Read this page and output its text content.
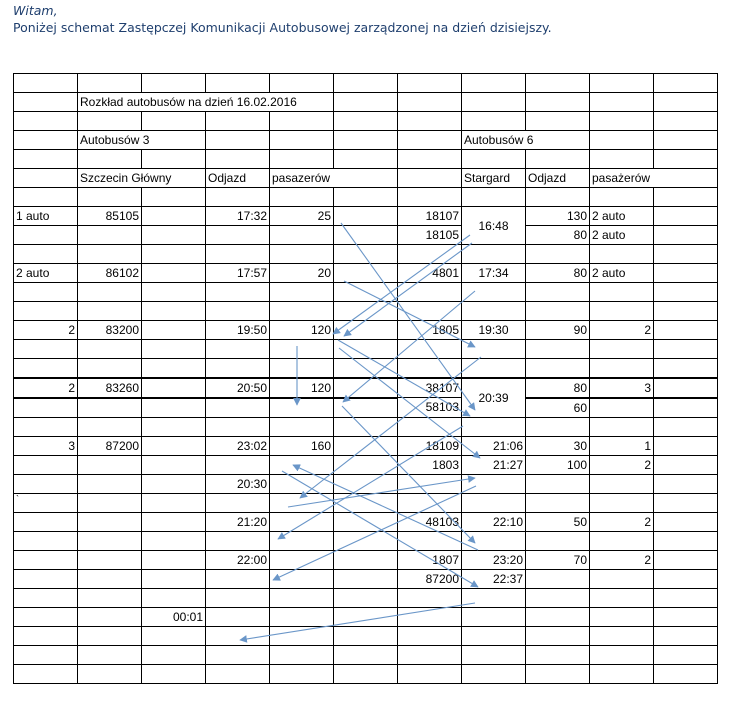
Witam,
Poniżej schemat Zastępczej Komunikacji Autobusowej zarządzonej na dzień dzisiejszy.

	Rozkład autobusów na dzień 16.02.2016									

	Autobusów 3						Autobusów 6			

	Szczecin Główny		Odjazd	pasazerów			Stargard	Odjazd	pasażerów	

1 auto	85105		17:32	25		18107	16:48	130	2 auto	
						18105		80	2 auto	

2 auto	86102		17:57	20		4801	17:34	80	2 auto	

2	83200		19:50	120		1805	19:30	90	2	

2	83260		20:50	120		38107	20:39	80	3	
						58103		60		

3	87200		23:02	160		18109	21:06	30	1	
						1803	21:27	100	2	
			20:30							
`										
			21:20			48103	22:10	50	2	

			22:00			1807	23:20	70	2	
						87200	22:37			

		00:01								
